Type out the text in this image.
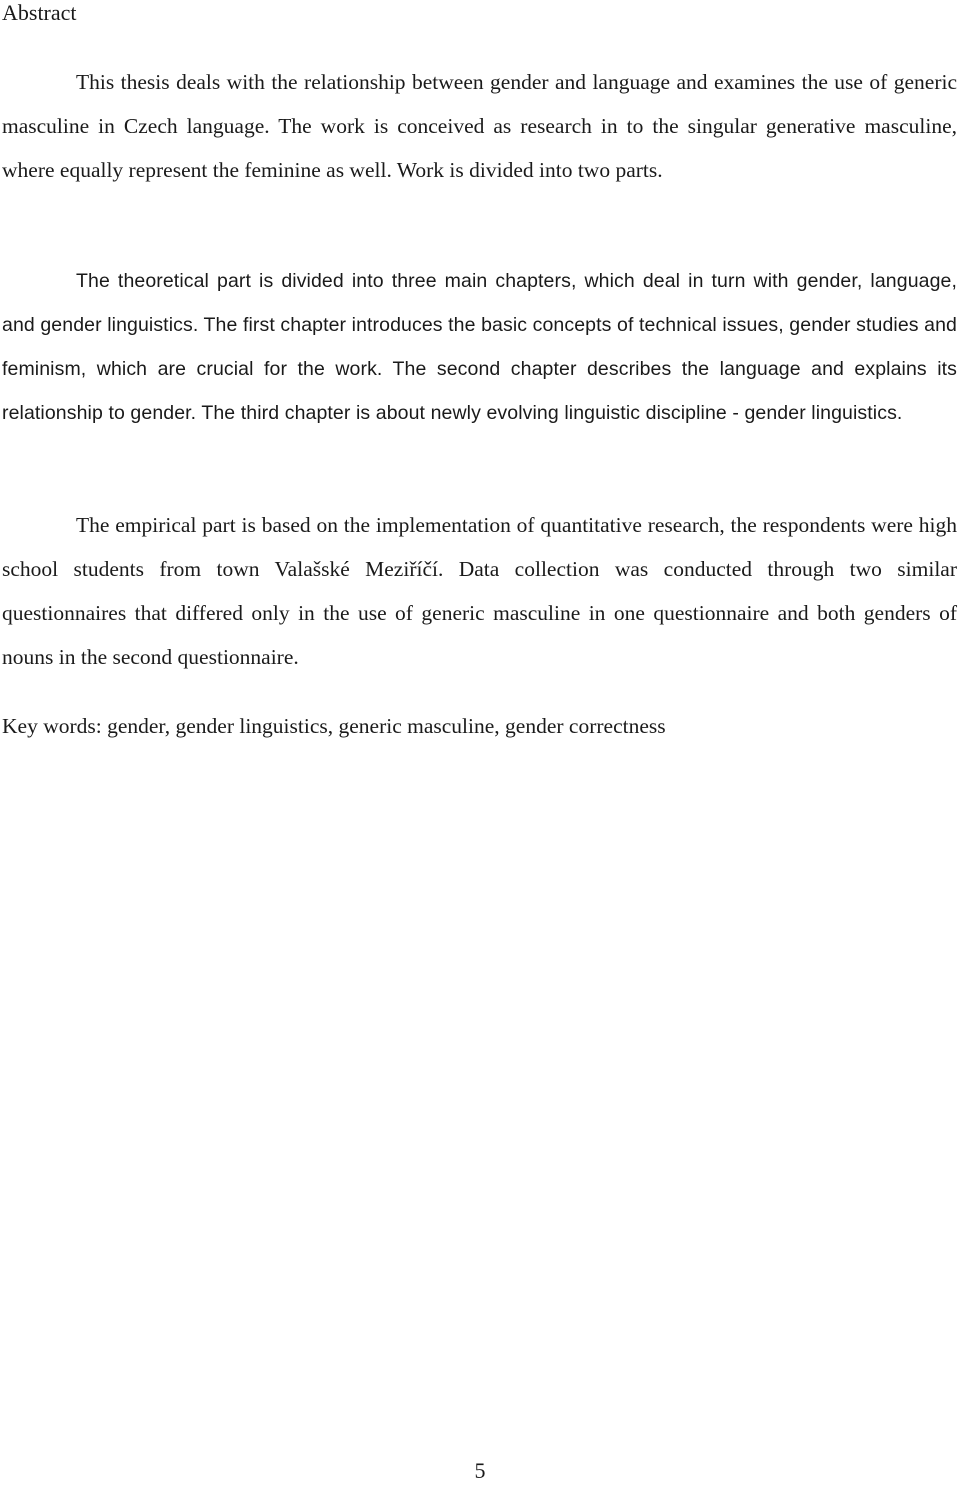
Abstract

This thesis deals with the relationship between gender and language and examines the use of generic masculine in Czech language. The work is conceived as research in to the singular generative masculine, where equally represent the feminine as well. Work is divided into two parts.

The theoretical part is divided into three main chapters, which deal in turn with gender, language, and gender linguistics. The first chapter introduces the basic concepts of technical issues, gender studies and feminism, which are crucial for the work. The second chapter describes the language and explains its relationship to gender. The third chapter is about newly evolving linguistic discipline - gender linguistics.

The empirical part is based on the implementation of quantitative research, the respondents were high school students from town Valašské Meziříčí. Data collection was conducted through two similar questionnaires that differed only in the use of generic masculine in one questionnaire and both genders of nouns in the second questionnaire.

Key words: gender, gender linguistics, generic masculine, gender correctness

5
